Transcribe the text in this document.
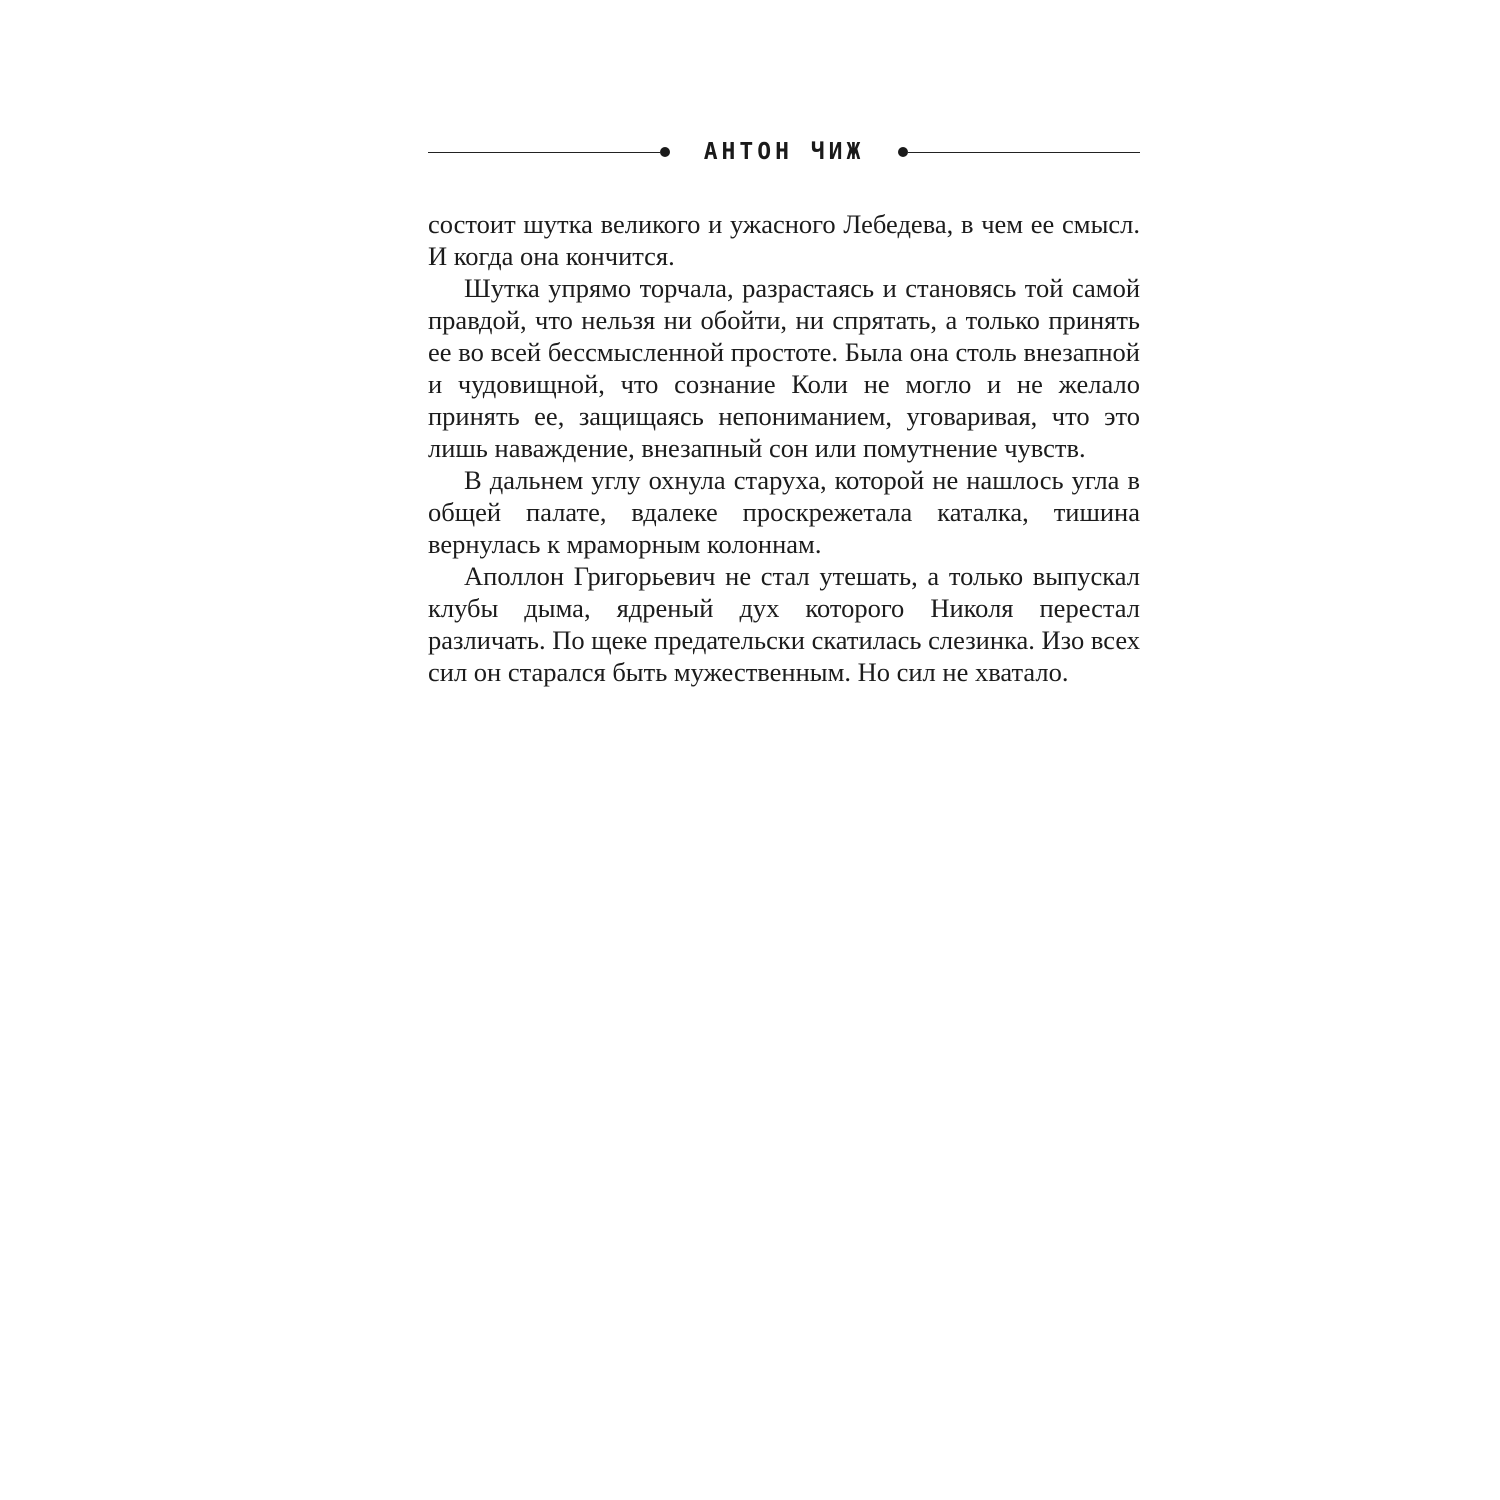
АНТОН ЧИЖ

состоит шутка великого и ужасного Лебедева, в чем ее смысл. И когда она кончится.

Шутка упрямо торчала, разрастаясь и становясь той самой правдой, что нельзя ни обойти, ни спрятать, а только принять ее во всей бессмысленной простоте. Была она столь внезапной и чудовищной, что сознание Коли не могло и не желало принять ее, защищаясь непониманием, уговаривая, что это лишь наваждение, внезапный сон или помутнение чувств.

В дальнем углу охнула старуха, которой не нашлось угла в общей палате, вдалеке проскрежетала каталка, тишина вернулась к мраморным колоннам.

Аполлон Григорьевич не стал утешать, а только выпускал клубы дыма, ядреный дух которого Николя перестал различать. По щеке предательски скатилась слезинка. Изо всех сил он старался быть мужественным. Но сил не хватало.
